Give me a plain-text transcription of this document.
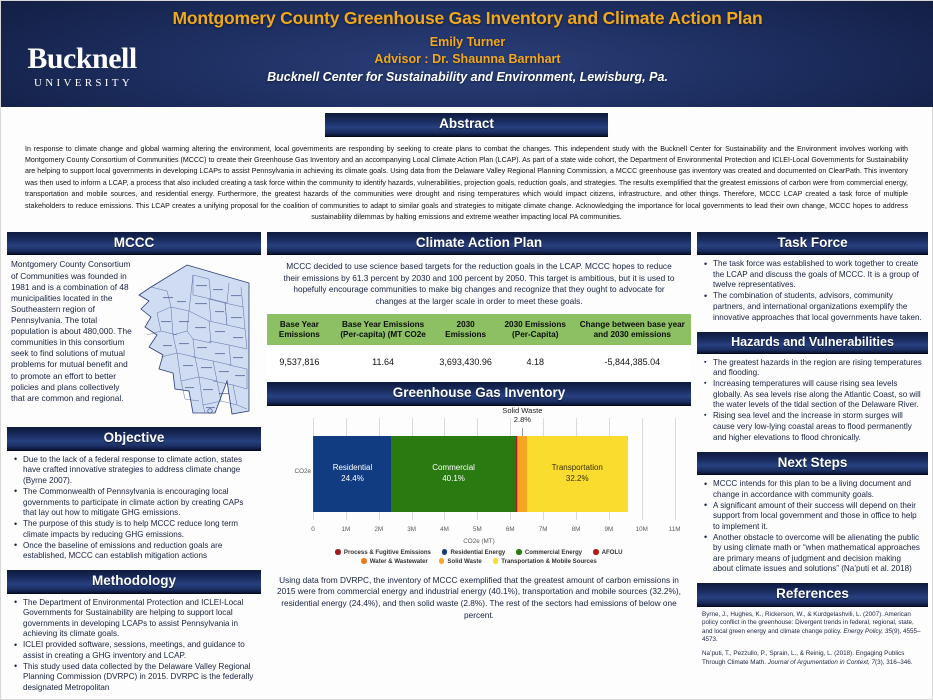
Bucknell
UNIVERSITY
Montgomery County Greenhouse Gas Inventory and Climate Action Plan
Emily Turner
Advisor : Dr. Shaunna Barnhart
Bucknell Center for Sustainability and Environment, Lewisburg, Pa.
Abstract
In response to climate change and global warming altering the environment, local governments are responding by seeking to create plans to combat the changes. This independent study with the Bucknell Center for Sustainability and the Environment involves working with Montgomery County Consortium of Communities (MCCC) to create their Greenhouse Gas Inventory and an accompanying Local Climate Action Plan (LCAP). As part of a state wide cohort, the Department of Environmental Protection and ICLEI-Local Governments for Sustainability are helping to support local governments in developing LCAPs to assist Pennsylvania in achieving its climate goals. Using data from the Delaware Valley Regional Planning Commission, a MCCC greenhouse gas inventory was created and documented on ClearPath. This inventory was then used to inform a LCAP, a process that also included creating a task force within the community to identify hazards, vulnerabilities, projection goals, reduction goals, and strategies. The results exemplified that the greatest emissions of carbon were from commercial energy, transportation and mobile sources, and residential energy. Furthermore, the greatest hazards of the communities were drought and rising temperatures which would impact citizens, infrastructure, and other things. Therefore, MCCC LCAP created a task force of multiple stakeholders to reduce emissions. This LCAP creates a unifying proposal for the coalition of communities to adapt to similar goals and strategies to mitigate climate change. Acknowledging the importance for local governments to lead their own change, MCCC hopes to address sustainability dilemmas by halting emissions and extreme weather impacting local PA communities.
MCCC
Montgomery County Consortium of Communities was founded in 1981 and is a combination of 48 municipalities located in the Southeastern region of Pennsylvania. The total population is about 480,000. The communities in this consortium seek to find solutions of mutual problems for mutual benefit and to promote an effort to better policies and plans collectively that are common and regional.
Objective
• Due to the lack of a federal response to climate action, states have crafted innovative strategies to address climate change (Byrne 2007).
• The Commonwealth of Pennsylvania is encouraging local governments to participate in climate action by creating CAPs that lay out how to mitigate GHG emissions.
• The purpose of this study is to help MCCC reduce long term climate impacts by reducing GHG emissions.
• Once the baseline of emissions and reduction goals are established, MCCC can establish mitigation actions
Methodology
• The Department of Environmental Protection and ICLEI-Local Governments for Sustainability are helping to support local governments in developing LCAPs to assist Pennsylvania in achieving its climate goals.
• ICLEI provided software, sessions, meetings, and guidance to assist in creating a GHG inventory and LCAP.
• This study used data collected by the Delaware Valley Regional Planning Commission (DVRPC) in 2015. DVRPC is the federally designated Metropolitan
Climate Action Plan
MCCC decided to use science based targets for the reduction goals in the LCAP. MCCC hopes to reduce their emissions by 61.3 percent by 2030 and 100 percent by 2050. This target is ambitious, but it is used to hopefully encourage communities to make big changes and recognize that they ought to advocate for changes at the larger scale in order to meet these goals.
Base Year Emissions	Base Year Emissions (Per-capita) (MT CO2e	2030 Emissions	2030 Emissions (Per-Capita)	Change between base year and 2030 emissions
9,537,816	11.64	3,693,430.96	4.18	-5,844,385.04
Greenhouse Gas Inventory
CO2e	Residential
24.4%
Commercial
40.1%
Transportation
32.2%
Solid Waste
2.8%
0	1M	2M	3M	4M	5M	6M	7M	8M	9M	10M	11M
CO2e (MT)
Process & Fugitive Emissions	Residential Energy	Commercial Energy	AFOLU
Water & Wastewater	Solid Waste	Transportation & Mobile Sources
Using data from DVRPC, the inventory of MCCC exemplified that the greatest amount of carbon emissions in 2015 were from commercial energy and industrial energy (40.1%), transportation and mobile sources (32.2%), residential energy (24.4%), and then solid waste (2.8%). The rest of the sectors had emissions of below one percent.
Task Force
• The task force was established to work together to create the LCAP and discuss the goals of MCCC. It is a group of twelve representatives.
• The combination of students, advisors, community partners, and international organizations exemplify the innovative approaches that local governments have taken.
Hazards and Vulnerabilities
▪ The greatest hazards in the region are rising temperatures and flooding.
▪ Increasing temperatures will cause rising sea levels globally. As sea levels rise along the Atlantic Coast, so will the water levels of the tidal section of the Delaware River.
▪ Rising sea level and the increase in storm surges will cause very low-lying coastal areas to flood permanently and higher elevations to flood chronically.
Next Steps
• MCCC intends for this plan to be a living document and change in accordance with community goals.
• A significant amount of their success will depend on their support from local government and those in office to help to implement it.
• Another obstacle to overcome will be alienating the public by using climate math or “when mathematical approaches are primary means of judgment and decision making about climate issues and solutions” (Na’puti et al. 2018)
References

Byrne, J., Hughes, K., Rickerson, W., & Kurdgelashvili, L. (2007). American policy conflict in the greenhouse: Divergent trends in federal, regional, state, and local green energy and climate change policy. Energy Policy, 35(9), 4555–4573.

Na’puti, T., Pezzullo, P., Sprain, L., & Reinig, L. (2018). Engaging Publics Through Climate Math. Journal of Argumentation in Context, 7(3), 316–346.
